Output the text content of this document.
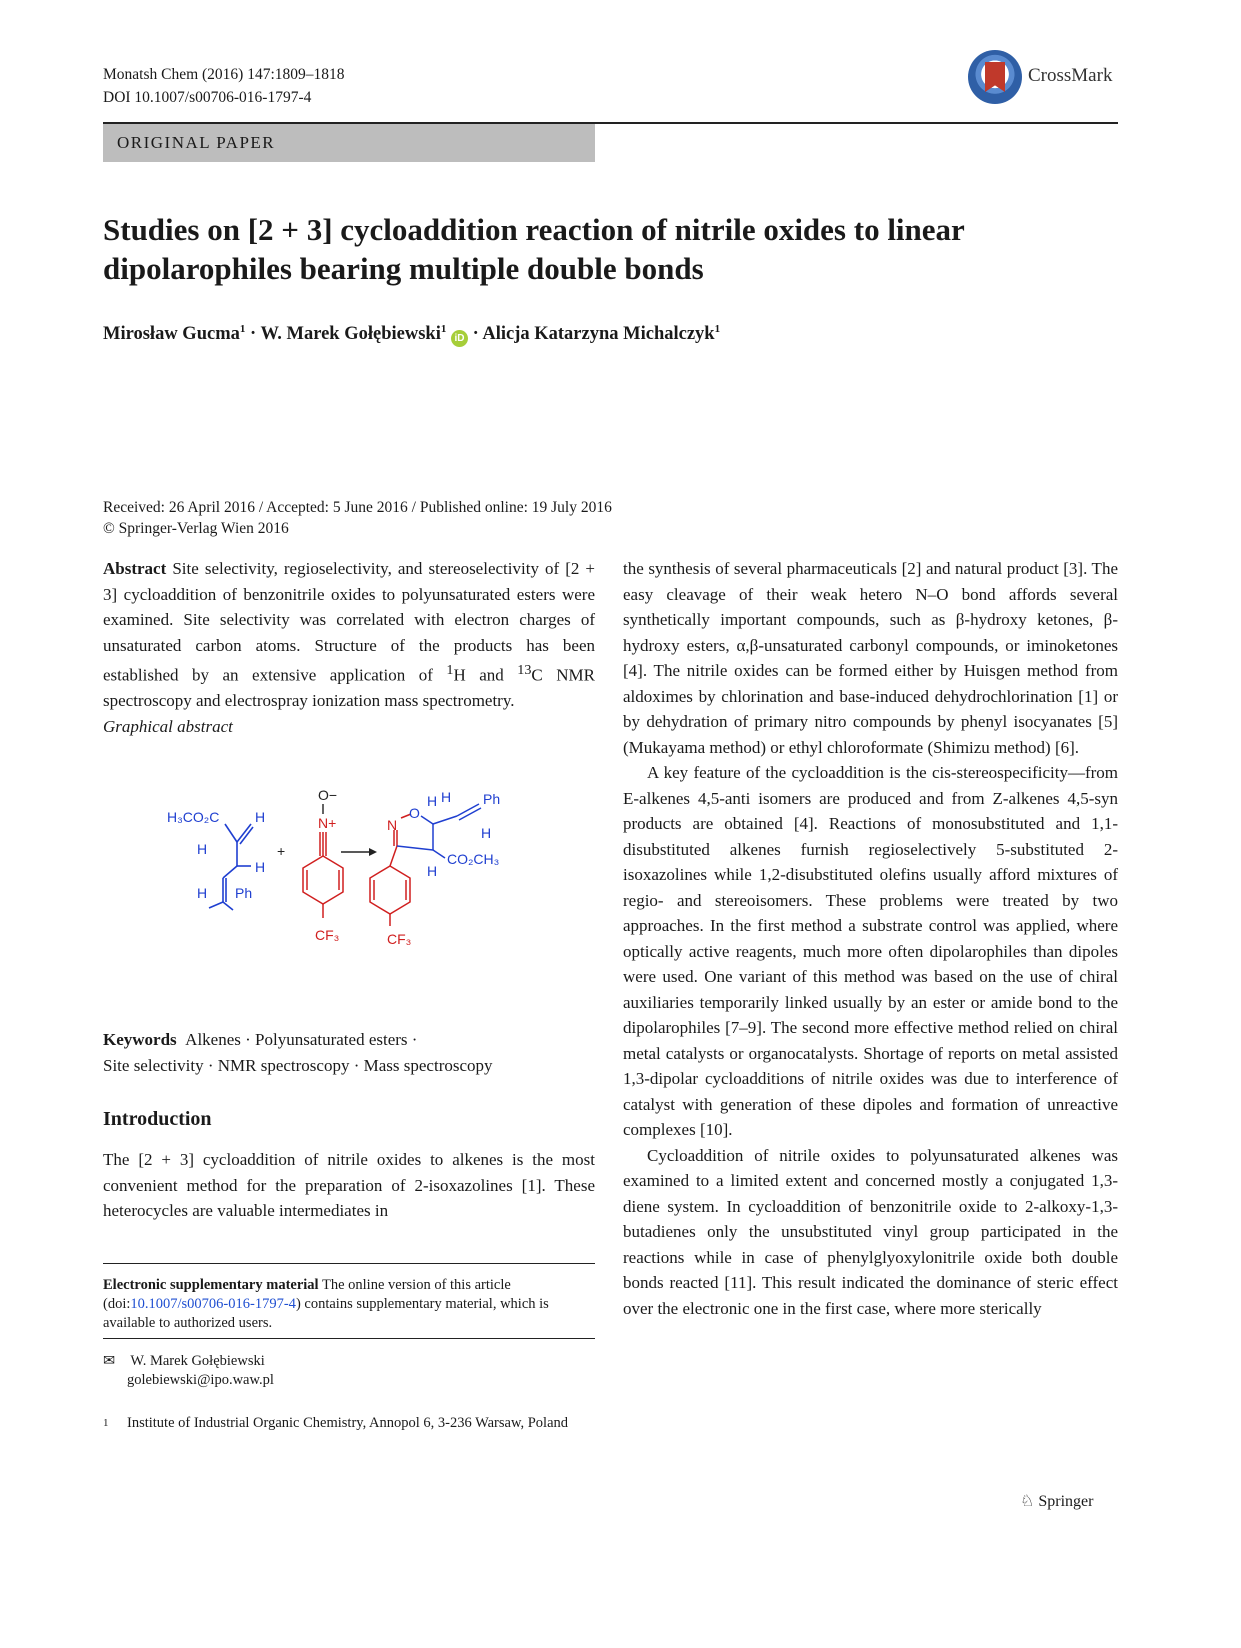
Monatsh Chem (2016) 147:1809–1818
DOI 10.1007/s00706-016-1797-4
CrossMark
ORIGINAL PAPER
Studies on [2 + 3] cycloaddition reaction of nitrile oxides to linear
dipolarophiles bearing multiple double bonds
Mirosław Gucma$^1$ · W. Marek Gołębiewski$^1$ iD · Alicja Katarzyna Michalczyk$^1$
Received: 26 April 2016 / Accepted: 5 June 2016 / Published online: 19 July 2016
© Springer-Verlag Wien 2016

Abstract Site selectivity, regioselectivity, and stereoselectivity of [2 + 3] cycloaddition of benzonitrile oxides to polyunsaturated esters were examined. Site selectivity was correlated with electron charges of unsaturated carbon atoms. Structure of the products has been established by an extensive application of $^1$H and $^{13}$C NMR spectroscopy and electrospray ionization mass spectrometry.

Graphical abstract

H₃CO₂C	H
H
H
H Ph
+
O−
N+
CF₃
N
O
H H Ph
H
CO₂CH₃
H
CF₃
Keywords Alkenes · Polyunsaturated esters ·
Site selectivity · NMR spectroscopy · Mass spectroscopy
Introduction

The [2 + 3] cycloaddition of nitrile oxides to alkenes is the most convenient method for the preparation of 2-isoxazolines [1]. These heterocycles are valuable intermediates in

Electronic supplementary material The online version of this article (doi:10.1007/s00706-016-1797-4) contains supplementary material, which is available to authorized users.
✉ W. Marek Gołębiewski
golebiewski@ipo.waw.pl
1 Institute of Industrial Organic Chemistry, Annopol 6, 3-236 Warsaw, Poland

the synthesis of several pharmaceuticals [2] and natural product [3]. The easy cleavage of their weak hetero N–O bond affords several synthetically important compounds, such as β-hydroxy ketones, β-hydroxy esters, α,β-unsaturated carbonyl compounds, or iminoketones [4]. The nitrile oxides can be formed either by Huisgen method from aldoximes by chlorination and base-induced dehydrochlorination [1] or by dehydration of primary nitro compounds by phenyl isocyanates [5] (Mukayama method) or ethyl chloroformate (Shimizu method) [6].

A key feature of the cycloaddition is the cis-stereospecificity—from E-alkenes 4,5-anti isomers are produced and from Z-alkenes 4,5-syn products are obtained [4]. Reactions of monosubstituted and 1,1-disubstituted alkenes furnish regioselectively 5-substituted 2-isoxazolines while 1,2-disubstituted olefins usually afford mixtures of regio- and stereoisomers. These problems were treated by two approaches. In the first method a substrate control was applied, where optically active reagents, much more often dipolarophiles than dipoles were used. One variant of this method was based on the use of chiral auxiliaries temporarily linked usually by an ester or amide bond to the dipolarophiles [7–9]. The second more effective method relied on chiral metal catalysts or organocatalysts. Shortage of reports on metal assisted 1,3-dipolar cycloadditions of nitrile oxides was due to interference of catalyst with generation of these dipoles and formation of unreactive complexes [10].

Cycloaddition of nitrile oxides to polyunsaturated alkenes was examined to a limited extent and concerned mostly a conjugated 1,3-diene system. In cycloaddition of benzonitrile oxide to 2-alkoxy-1,3-butadienes only the unsubstituted vinyl group participated in the reactions while in case of phenylglyoxylonitrile oxide both double bonds reacted [11]. This result indicated the dominance of steric effect over the electronic one in the first case, where more sterically

♘ Springer
